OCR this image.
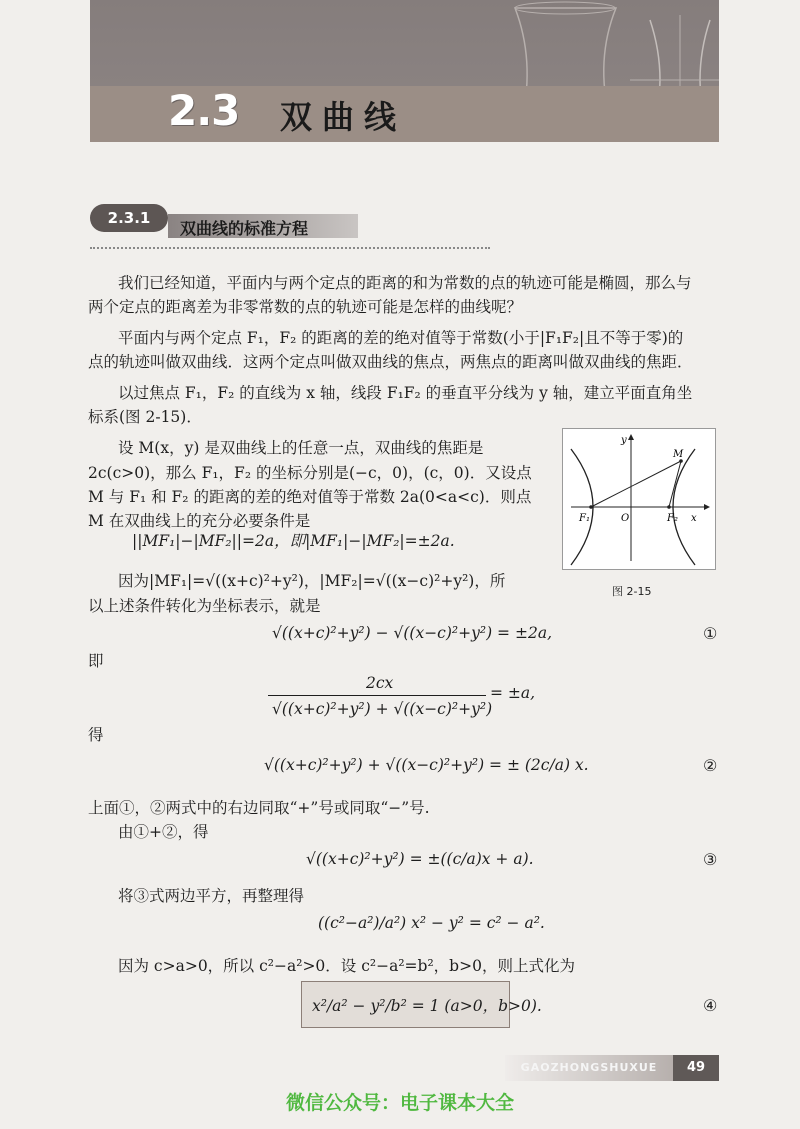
2.3 双曲线
2.3.1
双曲线的标准方程
我们已经知道，平面内与两个定点的距离的和为常数的点的轨迹可能是椭圆，那么与
两个定点的距离差为非零常数的点的轨迹可能是怎样的曲线呢？
平面内与两个定点 F₁，F₂ 的距离的差的绝对值等于常数(小于|F₁F₂|且不等于零)的
点的轨迹叫做双曲线．这两个定点叫做双曲线的焦点，两焦点的距离叫做双曲线的焦距．
以过焦点 F₁，F₂ 的直线为 x 轴，线段 F₁F₂ 的垂直平分线为 y 轴，建立平面直角坐
标系(图 2-15)．
设 M(x，y) 是双曲线上的任意一点，双曲线的焦距是
2c(c>0)，那么 F₁，F₂ 的坐标分别是(−c，0)，(c，0)．又设点
M 与 F₁ 和 F₂ 的距离的差的绝对值等于常数 2a(0<a<c)．则点
M 在双曲线上的充分必要条件是
||MF₁|−|MF₂||=2a，即|MF₁|−|MF₂|=±2a.
因为|MF₁|=√((x+c)²+y²)，|MF₂|=√((x−c)²+y²)，所
以上述条件转化为坐标表示，就是
y
x
M
F₁	F₂
O
图 2-15
√((x+c)²+y²) − √((x−c)²+y²) = ±2a,	①
即
2cx
√((x+c)²+y²) + √((x−c)²+y²)
= ±a,
得
√((x+c)²+y²) + √((x−c)²+y²) = ± (2c/a) x.	②
上面①，②两式中的右边同取“+”号或同取“−”号.
由①+②，得
√((x+c)²+y²) = ±((c/a)x + a).	③
将③式两边平方，再整理得
((c²−a²)/a²) x² − y² = c² − a².
因为 c>a>0，所以 c²−a²>0．设 c²−a²=b²，b>0，则上式化为
x²/a² − y²/b² = 1 (a>0，b>0).	④
GAOZHONGSHUXUE	49
微信公众号：电子课本大全
